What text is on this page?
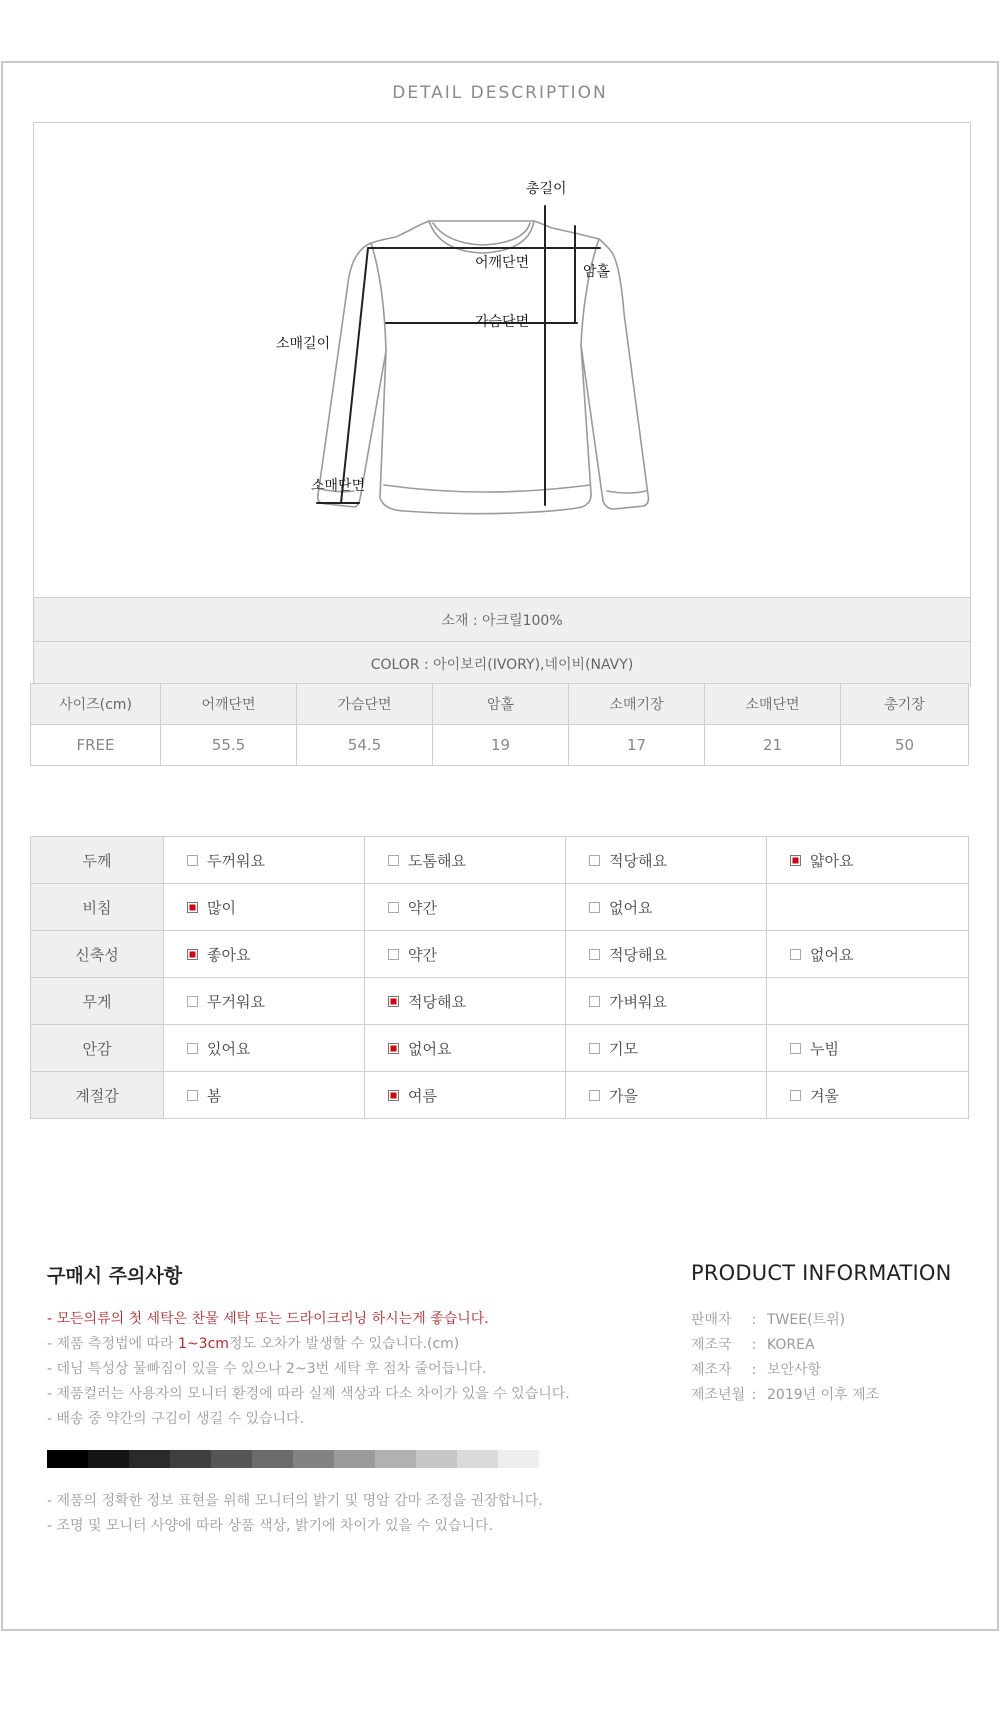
DETAIL DESCRIPTION
총길이
어깨단면
암홀
가슴단면
소매길이
소매단면
소재 : 아크릴100%
COLOR : 아이보리(IVORY),네이비(NAVY)
사이즈(cm)	어깨단면	가슴단면	암홀	소매기장	소매단면	총기장
FREE	55.5	54.5	19	17	21	50
두께	두꺼워요	도톰해요	적당해요	얇아요

비침	많이	약간	없어요	

신축성	좋아요	약간	적당해요	없어요

무게	무거워요	적당해요	가벼워요	

안감	있어요	없어요	기모	누빔

계절감	봄	여름	가을	겨울
구매시 주의사항
- 모든의류의 첫 세탁은 찬물 세탁 또는 드라이크리닝 하시는게 좋습니다.
- 제품 측정법에 따라 1~3cm정도 오차가 발생할 수 있습니다.(cm)
- 데님 특성상 물빠짐이 있을 수 있으나 2~3번 세탁 후 점차 줄어듭니다.
- 제품컬러는 사용자의 모니터 환경에 따라 실제 색상과 다소 차이가 있을 수 있습니다.
- 배송 중 약간의 구김이 생길 수 있습니다.
- 제품의 정확한 정보 표현을 위해 모니터의 밝기 및 명암 감마 조정을 권장합니다.
- 조명 및 모니터 사양에 따라 상품 색상, 밝기에 차이가 있을 수 있습니다.
PRODUCT INFORMATION
판매자	: TWEE(트위)
제조국	: KOREA
제조자	: 보안사항
제조년월 : 2019년 이후 제조
